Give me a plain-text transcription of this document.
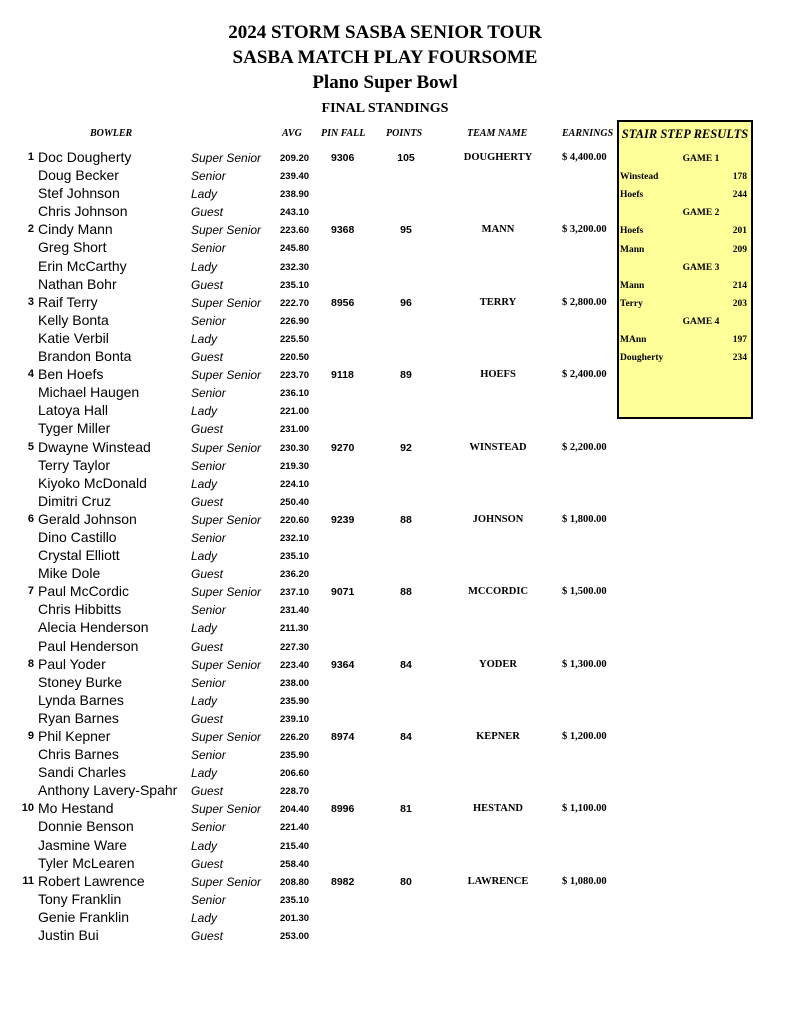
2024 STORM SASBA SENIOR TOUR
SASBA MATCH PLAY FOURSOME
Plano Super Bowl
FINAL STANDINGS
BOWLER	AVG PIN FALL POINTS	TEAM NAME	EARNINGS
1 Doc Dougherty	Super Senior 209.20 9306	105	DOUGHERTY	$ 4,400.00
Doug Becker	Senior	239.40
Stef Johnson	Lady	238.90
Chris Johnson	Guest	243.10
2 Cindy Mann	Super Senior 223.60 9368	95	MANN	$ 3,200.00
Greg Short	Senior	245.80
Erin McCarthy	Lady	232.30
Nathan Bohr	Guest	235.10
3 Raif Terry	Super Senior 222.70 8956	96	TERRY	$ 2,800.00
Kelly Bonta	Senior	226.90
Katie Verbil	Lady	225.50
Brandon Bonta	Guest	220.50
4 Ben Hoefs	Super Senior 223.70 9118	89	HOEFS	$ 2,400.00
Michael Haugen	Senior	236.10
Latoya Hall	Lady	221.00
Tyger Miller	Guest	231.00
5 Dwayne Winstead	Super Senior 230.30 9270	92	WINSTEAD	$ 2,200.00
Terry Taylor	Senior	219.30
Kiyoko McDonald	Lady	224.10
Dimitri Cruz	Guest	250.40
6 Gerald Johnson	Super Senior 220.60 9239	88	JOHNSON	$ 1,800.00
Dino Castillo	Senior	232.10
Crystal Elliott	Lady	235.10
Mike Dole	Guest	236.20
7 Paul McCordic	Super Senior 237.10 9071	88	MCCORDIC	$ 1,500.00
Chris Hibbitts	Senior	231.40
Alecia Henderson	Lady	211.30
Paul Henderson	Guest	227.30
8 Paul Yoder	Super Senior 223.40 9364	84	YODER	$ 1,300.00
Stoney Burke	Senior	238.00
Lynda Barnes	Lady	235.90
Ryan Barnes	Guest	239.10
9 Phil Kepner	Super Senior 226.20 8974	84	KEPNER	$ 1,200.00
Chris Barnes	Senior	235.90
Sandi Charles	Lady	206.60
Anthony Lavery-Spahr Guest	228.70
10 Mo Hestand	Super Senior 204.40 8996	81	HESTAND	$ 1,100.00
Donnie Benson	Senior	221.40
Jasmine Ware	Lady	215.40
Tyler McLearen	Guest	258.40
11 Robert Lawrence	Super Senior 208.80 8982	80	LAWRENCE	$ 1,080.00
Tony Franklin	Senior	235.10
Genie Franklin	Lady	201.30
Justin Bui	Guest	253.00
STAIR STEP RESULTS
GAME 1
Winstead	178
Hoefs	244
GAME 2
Hoefs	201
Mann	209
GAME 3
Mann	214
Terry	203
GAME 4
MAnn	197
Dougherty	234
